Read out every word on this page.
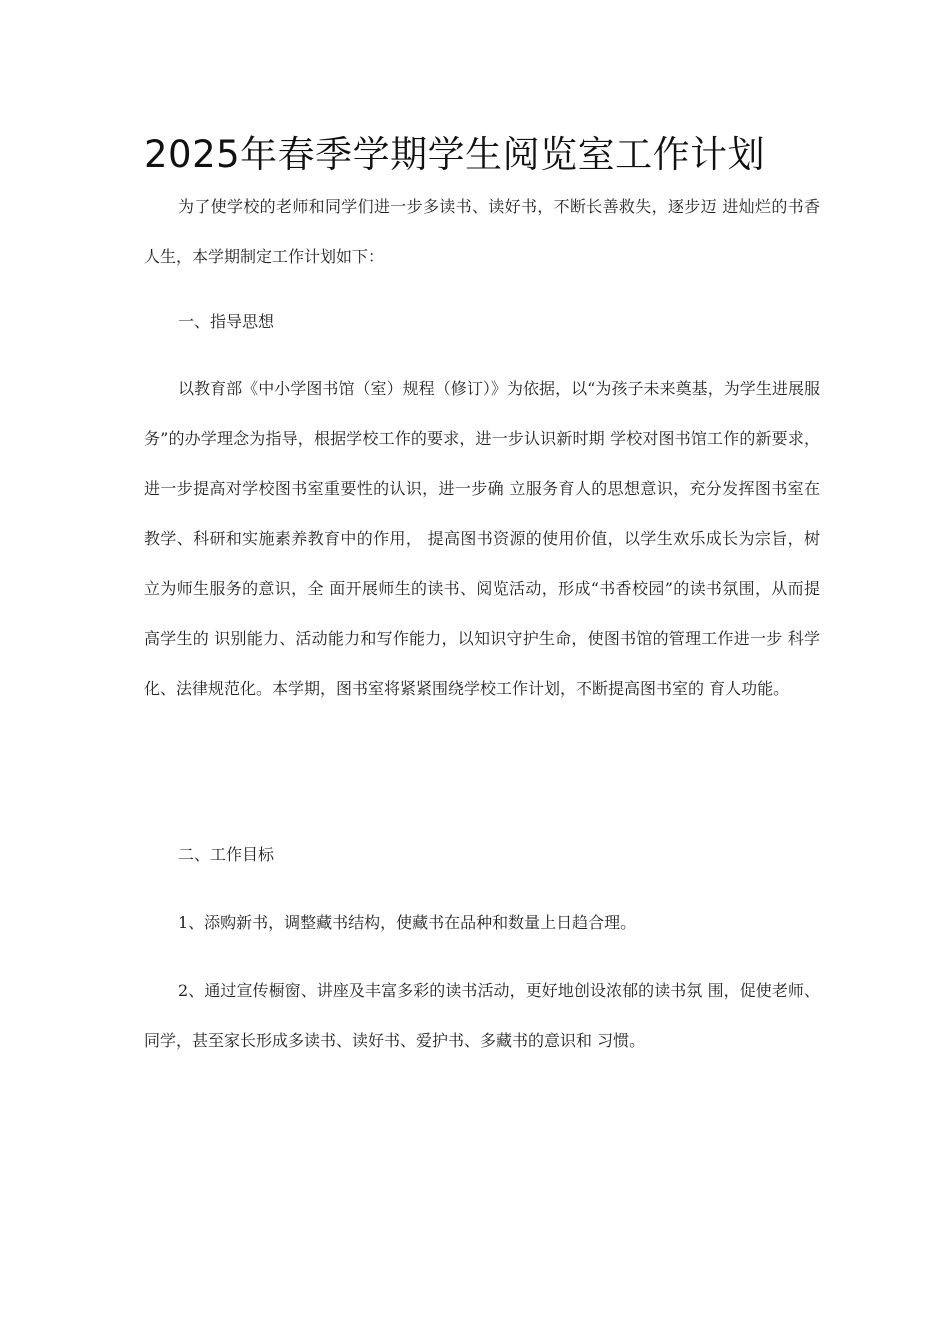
2025年春季学期学生阅览室工作计划

为了使学校的老师和同学们进一步多读书、读好书，不断长善救失，逐步迈 进灿烂的书香人生，本学期制定工作计划如下：

一、指导思想

以教育部《中小学图书馆（室）规程（修订）》为依据，以“为孩子未来奠基，为学生进展服务”的办学理念为指导，根据学校工作的要求，进一步认识新时期 学校对图书馆工作的新要求，进一步提高对学校图书室重要性的认识，进一步确 立服务育人的思想意识，充分发挥图书室在教学、科研和实施素养教育中的作用， 提高图书资源的使用价值，以学生欢乐成长为宗旨，树立为师生服务的意识，全 面开展师生的读书、阅览活动，形成“书香校园”的读书氛围，从而提高学生的 识别能力、活动能力和写作能力，以知识守护生命，使图书馆的管理工作进一步 科学化、法律规范化。本学期，图书室将紧紧围绕学校工作计划，不断提高图书室的 育人功能。

二、工作目标

1、添购新书，调整藏书结构，使藏书在品种和数量上日趋合理。

2、通过宣传橱窗、讲座及丰富多彩的读书活动，更好地创设浓郁的读书氛 围，促使老师、同学，甚至家长形成多读书、读好书、爱护书、多藏书的意识和 习惯。
